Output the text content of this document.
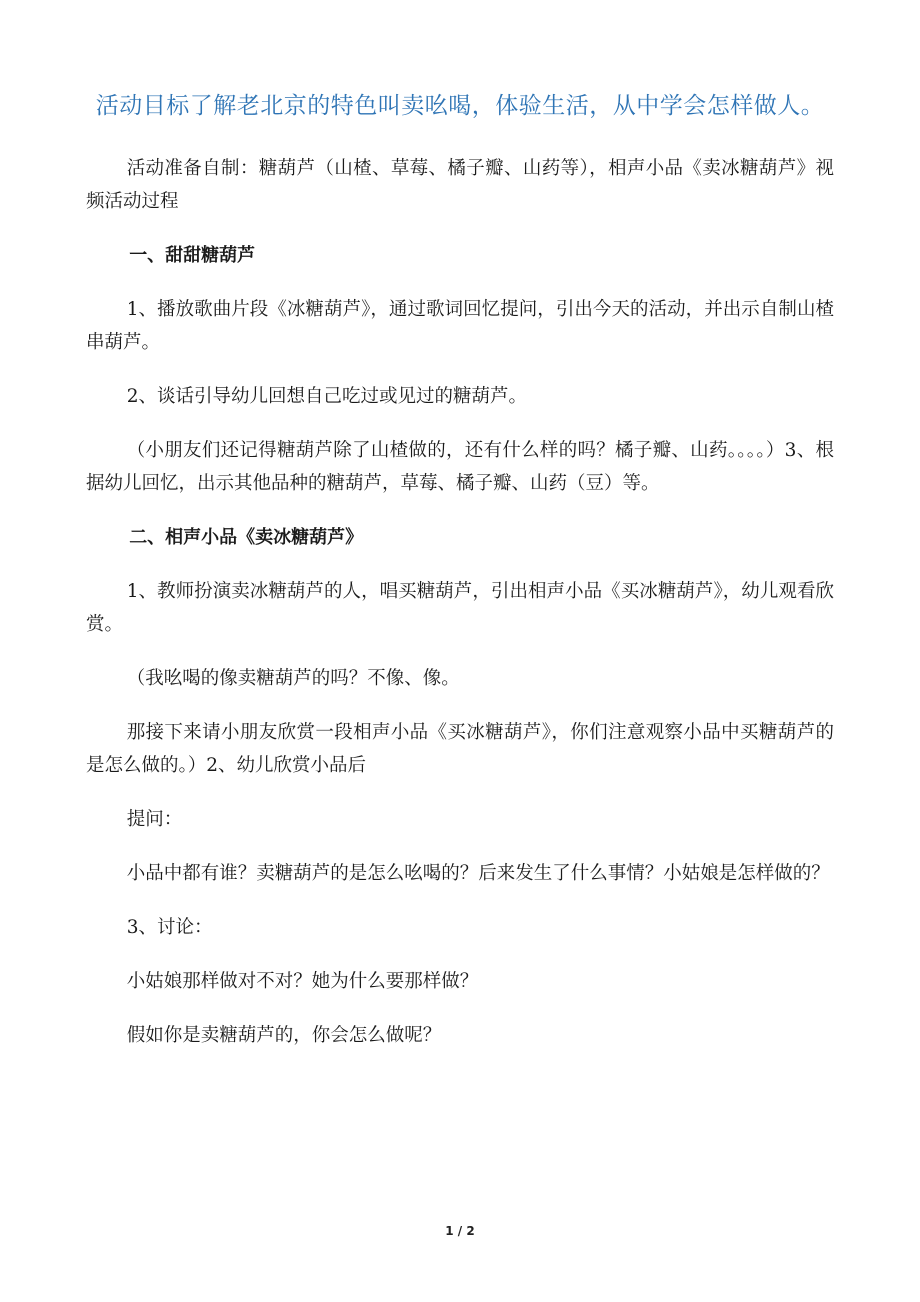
活动目标了解老北京的特色叫卖吆喝，体验生活，从中学会怎样做人。

活动准备自制：糖葫芦（山楂、草莓、橘子瓣、山药等），相声小品《卖冰糖葫芦》视频活动过程

一、甜甜糖葫芦

1、播放歌曲片段《冰糖葫芦》，通过歌词回忆提问，引出今天的活动，并出示自制山楂串葫芦。

2、谈话引导幼儿回想自己吃过或见过的糖葫芦。

（小朋友们还记得糖葫芦除了山楂做的，还有什么样的吗？橘子瓣、山药。。。。）3、根据幼儿回忆，出示其他品种的糖葫芦，草莓、橘子瓣、山药（豆）等。

二、相声小品《卖冰糖葫芦》

1、教师扮演卖冰糖葫芦的人，唱买糖葫芦，引出相声小品《买冰糖葫芦》，幼儿观看欣赏。

（我吆喝的像卖糖葫芦的吗？不像、像。

那接下来请小朋友欣赏一段相声小品《买冰糖葫芦》，你们注意观察小品中买糖葫芦的是怎么做的。）2、幼儿欣赏小品后

提问：

小品中都有谁？卖糖葫芦的是怎么吆喝的？后来发生了什么事情？小姑娘是怎样做的？

3、讨论：

小姑娘那样做对不对？她为什么要那样做？

假如你是卖糖葫芦的，你会怎么做呢？

1 / 2
